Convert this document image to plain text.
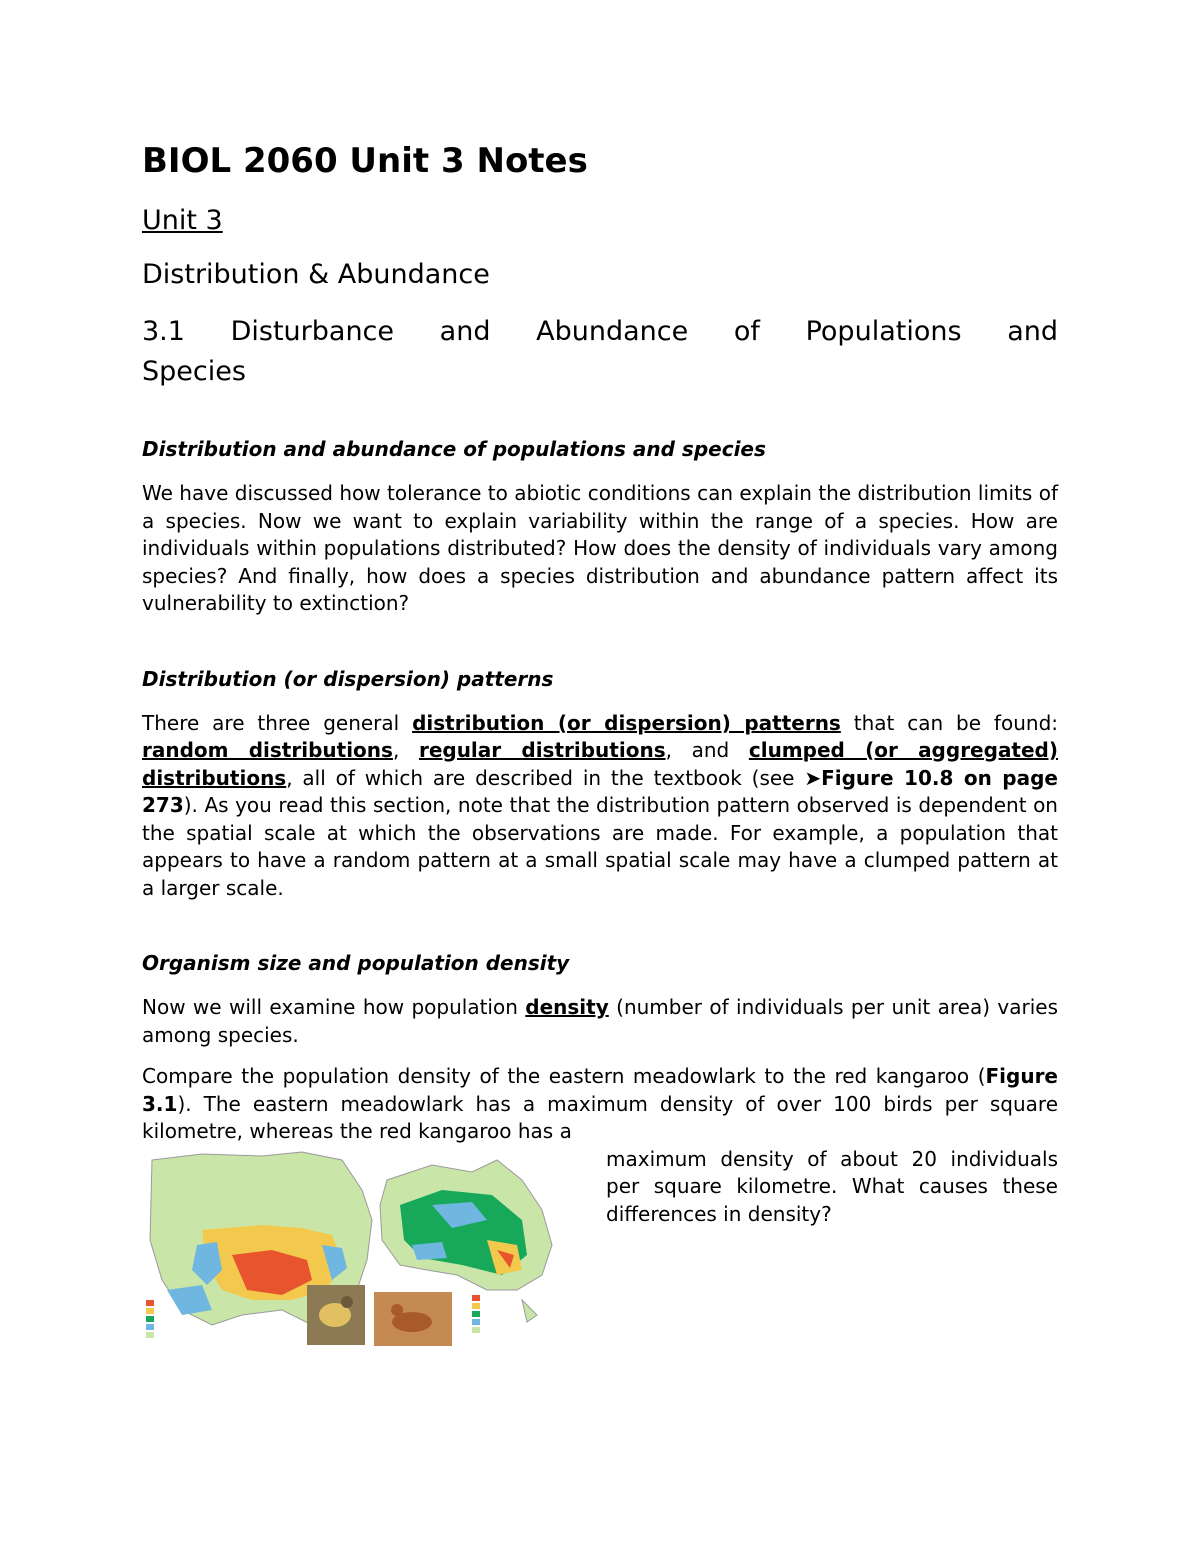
BIOL 2060 Unit 3 Notes
Unit 3
Distribution & Abundance
3.1 Disturbance and Abundance of Populations and
Species
Distribution and abundance of populations and species

We have discussed how tolerance to abiotic conditions can explain the distribution limits of a species. Now we want to explain variability within the range of a species. How are individuals within populations distributed? How does the density of individuals vary among species? And finally, how does a species distribution and abundance pattern affect its vulnerability to extinction?

Distribution (or dispersion) patterns

There are three general distribution (or dispersion) patterns that can be found: random distributions, regular distributions, and clumped (or aggregated) distributions, all of which are described in the textbook (see ➤Figure 10.8 on page 273). As you read this section, note that the distribution pattern observed is dependent on the spatial scale at which the observations are made. For example, a population that appears to have a random pattern at a small spatial scale may have a clumped pattern at a larger scale.

Organism size and population density

Now we will examine how population density (number of individuals per unit area) varies among species.

Compare the population density of the eastern meadowlark to the red kangaroo (Figure 3.1). The eastern meadowlark has a maximum density of over 100 birds per square kilometre, whereas the red kangaroo has a

maximum density of about 20 individuals per square kilometre. What causes these differences in density?
